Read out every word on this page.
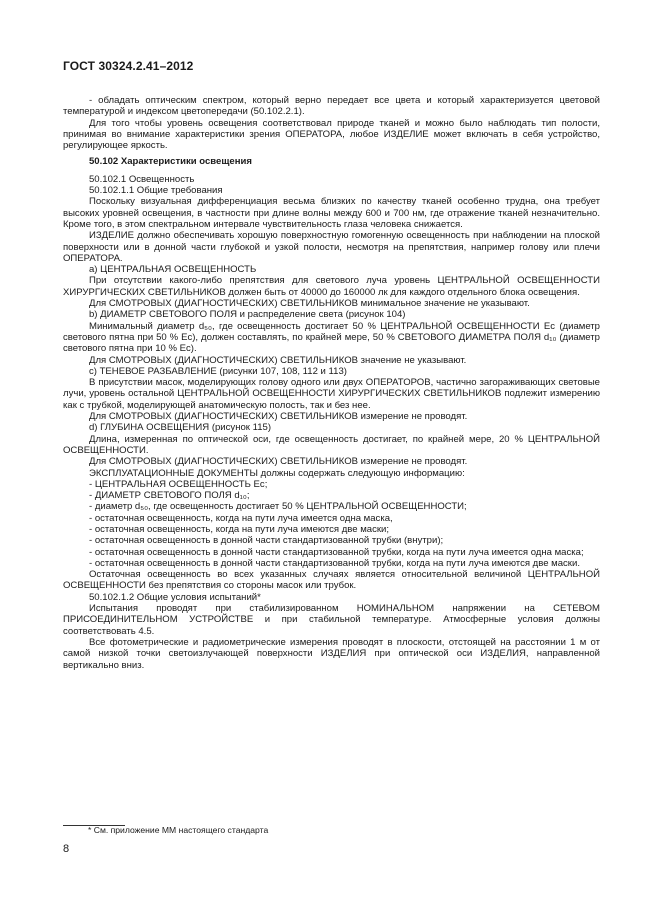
ГОСТ 30324.2.41–2012

- обладать оптическим спектром, который верно передает все цвета и который характеризуется цветовой температурой и индексом цветопередачи (50.102.2.1).

Для того чтобы уровень освещения соответствовал природе тканей и можно было наблюдать тип полости, принимая во внимание характеристики зрения ОПЕРАТОРА, любое ИЗДЕЛИЕ может включать в себя устройство, регулирующее яркость.

50.102 Характеристики освещения

50.102.1 Освещенность

50.102.1.1 Общие требования

Поскольку визуальная дифференциация весьма близких по качеству тканей особенно трудна, она требует высоких уровней освещения, в частности при длине волны между 600 и 700 нм, где отражение тканей незначительно. Кроме того, в этом спектральном интервале чувствительность глаза человека снижается.

ИЗДЕЛИЕ должно обеспечивать хорошую поверхностную гомогенную освещенность при наблюдении на плоской поверхности или в донной части глубокой и узкой полости, несмотря на препятствия, например голову или плечи ОПЕРАТОРА.

a) ЦЕНТРАЛЬНАЯ ОСВЕЩЕННОСТЬ

При отсутствии какого-либо препятствия для светового луча уровень ЦЕНТРАЛЬНОЙ ОСВЕЩЕННОСТИ ХИРУРГИЧЕСКИХ СВЕТИЛЬНИКОВ должен быть от 40000 до 160000 лк для каждого отдельного блока освещения.

Для СМОТРОВЫХ (ДИАГНОСТИЧЕСКИХ) СВЕТИЛЬНИКОВ минимальное значение не указывают.

b) ДИАМЕТР СВЕТОВОГО ПОЛЯ и распределение света (рисунок 104)

Минимальный диаметр d₅₀, где освещенность достигает 50 % ЦЕНТРАЛЬНОЙ ОСВЕЩЕННОСТИ Eс (диаметр светового пятна при 50 % Eс), должен составлять, по крайней мере, 50 % СВЕТОВОГО ДИАМЕТРА ПОЛЯ d₁₀ (диаметр светового пятна при 10 % Eс).

Для СМОТРОВЫХ (ДИАГНОСТИЧЕСКИХ) СВЕТИЛЬНИКОВ значение не указывают.

c) ТЕНЕВОЕ РАЗБАВЛЕНИЕ (рисунки 107, 108, 112 и 113)

В присутствии масок, моделирующих голову одного или двух ОПЕРАТОРОВ, частично загораживающих световые лучи, уровень остальной ЦЕНТРАЛЬНОЙ ОСВЕЩЕННОСТИ ХИРУРГИЧЕСКИХ СВЕТИЛЬНИКОВ подлежит измерению как с трубкой, моделирующей анатомическую полость, так и без нее.

Для СМОТРОВЫХ (ДИАГНОСТИЧЕСКИХ) СВЕТИЛЬНИКОВ измерение не проводят.

d) ГЛУБИНА ОСВЕЩЕНИЯ (рисунок 115)

Длина, измеренная по оптической оси, где освещенность достигает, по крайней мере, 20 % ЦЕНТРАЛЬНОЙ ОСВЕЩЕННОСТИ.

Для СМОТРОВЫХ (ДИАГНОСТИЧЕСКИХ) СВЕТИЛЬНИКОВ измерение не проводят.

ЭКСПЛУАТАЦИОННЫЕ ДОКУМЕНТЫ должны содержать следующую информацию:

- ЦЕНТРАЛЬНАЯ ОСВЕЩЕННОСТЬ Eс;

- ДИАМЕТР СВЕТОВОГО ПОЛЯ d₁₀;

- диаметр d₅₀, где освещенность достигает 50 % ЦЕНТРАЛЬНОЙ ОСВЕЩЕННОСТИ;

- остаточная освещенность, когда на пути луча имеется одна маска,

- остаточная освещенность, когда на пути луча имеются две маски;

- остаточная освещенность в донной части стандартизованной трубки (внутри);

- остаточная освещенность в донной части стандартизованной трубки, когда на пути луча имеется одна маска;

- остаточная освещенность в донной части стандартизованной трубки, когда на пути луча имеются две маски.

Остаточная освещенность во всех указанных случаях является относительной величиной ЦЕНТРАЛЬНОЙ ОСВЕЩЕННОСТИ без препятствия со стороны масок или трубок.

50.102.1.2 Общие условия испытаний*

Испытания проводят при стабилизированном НОМИНАЛЬНОМ напряжении на СЕТЕВОМ ПРИСОЕДИНИТЕЛЬНОМ УСТРОЙСТВЕ и при стабильной температуре. Атмосферные условия должны соответствовать 4.5.

Все фотометрические и радиометрические измерения проводят в плоскости, отстоящей на расстоянии 1 м от самой низкой точки светоизлучающей поверхности ИЗДЕЛИЯ при оптической оси ИЗДЕЛИЯ, направленной вертикально вниз.

* См. приложение ММ настоящего стандарта
8
